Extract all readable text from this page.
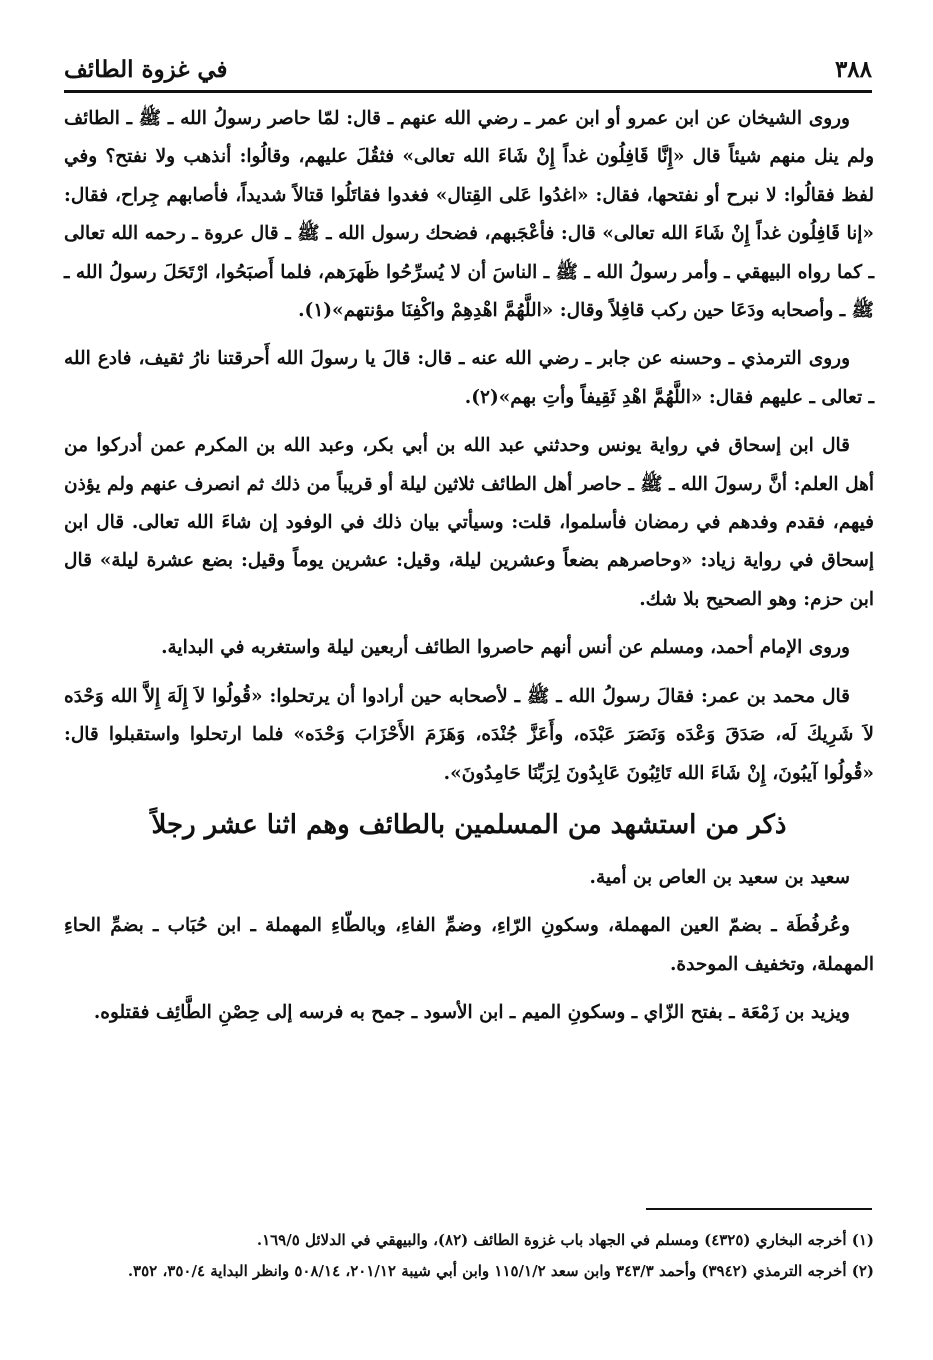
٣٨٨
في غزوة الطائف

وروى الشيخان عن ابن عمرو أو ابن عمر ـ رضي الله عنهم ـ قال: لمّا حاصر رسولُ الله ـ ﷺ ـ الطائف ولم ينل منهم شيئاً قال «إِنَّا قَافِلُون غداً إِنْ شَاءَ الله تعالى» فثقُلَ عليهم، وقالُوا: أنذهب ولا نفتح؟ وفي لفظ فقالُوا: لا نبرح أو نفتحها، فقال: «اغدُوا عَلى القِتال» فغدوا فقاتَلُوا قتالاً شديداً، فأصابهم جِراح، فقال: «إنا قَافِلُون غداً إِنْ شَاءَ الله تعالى» قال: فأعْجَبهم، فضحك رسول الله ـ ﷺ ـ قال عروة ـ رحمه الله تعالى ـ كما رواه البيهقي ـ وأمر رسولُ الله ـ ﷺ ـ الناسَ أن لا يُسرِّحُوا ظَهرَهم، فلما أَصبَحُوا، ارْتَحَلَ رسولُ الله ـ ﷺ ـ وأصحابه ودَعَا حين ركب قافِلاً وقال: «اللَّهُمَّ اهْدِهِمْ واكْفِنَا مؤنتهم»(١).

وروى الترمذي ـ وحسنه عن جابر ـ رضي الله عنه ـ قال: قالَ يا رسولَ الله أَحرقتنا نارُ ثقيف، فادع الله ـ تعالى ـ عليهم فقال: «اللَّهُمَّ اهْدِ ثَقِيفاً وأتِ بهم»(٢).

قال ابن إسحاق في رواية يونس وحدثني عبد الله بن أبي بكر، وعبد الله بن المكرم عمن أدركوا من أهل العلم: أنَّ رسولَ الله ـ ﷺ ـ حاصر أهل الطائف ثلاثين ليلة أو قريباً من ذلك ثم انصرف عنهم ولم يؤذن فيهم، فقدم وفدهم في رمضان فأسلموا، قلت: وسيأتي بيان ذلك في الوفود إن شاءَ الله تعالى. قال ابن إسحاق في رواية زياد: «وحاصرهم بضعاً وعشرين ليلة، وقيل: عشرين يوماً وقيل: بضع عشرة ليلة» قال ابن حزم: وهو الصحيح بلا شك.

وروى الإمام أحمد، ومسلم عن أنس أنهم حاصروا الطائف أربعين ليلة واستغربه في البداية.

قال محمد بن عمر: فقالَ رسولُ الله ـ ﷺ ـ لأصحابه حين أرادوا أن يرتحلوا: «قُولُوا لاَ إِلَهَ إِلاَّ الله وَحْدَه لاَ شَرِيكَ لَه، صَدَقَ وَعْدَه وَنَصَرَ عَبْدَه، وأَعَزَّ جُنْدَه، وَهَزَمَ الأَحْزَابَ وَحْدَه» فلما ارتحلوا واستقبلوا قال: «قُولُوا آيبُونَ، إِنْ شَاءَ الله تَائِبُونَ عَابِدُونَ لِرَبِّنَا حَامِدُونَ».

ذكر من استشهد من المسلمين بالطائف وهم اثنا عشر رجلاً

سعيد بن سعيد بن العاص بن أمية.

وعُرفُطَة ـ بضمّ العين المهملة، وسكونِ الرّاءِ، وضمِّ الفاءِ، وبالطّاءِ المهملة ـ ابن حُبَاب ـ بضمِّ الحاءِ المهملة، وتخفيف الموحدة.

ويزيد بن زَمْعَة ـ بفتح الزّاي ـ وسكونِ الميم ـ ابن الأسود ـ جمح به فرسه إلى حِصْنِ الطَّائِف فقتلوه.

(١) أخرجه البخاري (٤٣٢٥) ومسلم في الجهاد باب غزوة الطائف (٨٢)، والبيهقي في الدلائل ١٦٩/٥.

(٢) أخرجه الترمذي (٣٩٤٢) وأحمد ٣٤٣/٣ وابن سعد ١١٥/١/٢ وابن أبي شيبة ٢٠١/١٢، ٥٠٨/١٤ وانظر البداية ٣٥٠/٤، ٣٥٢.
